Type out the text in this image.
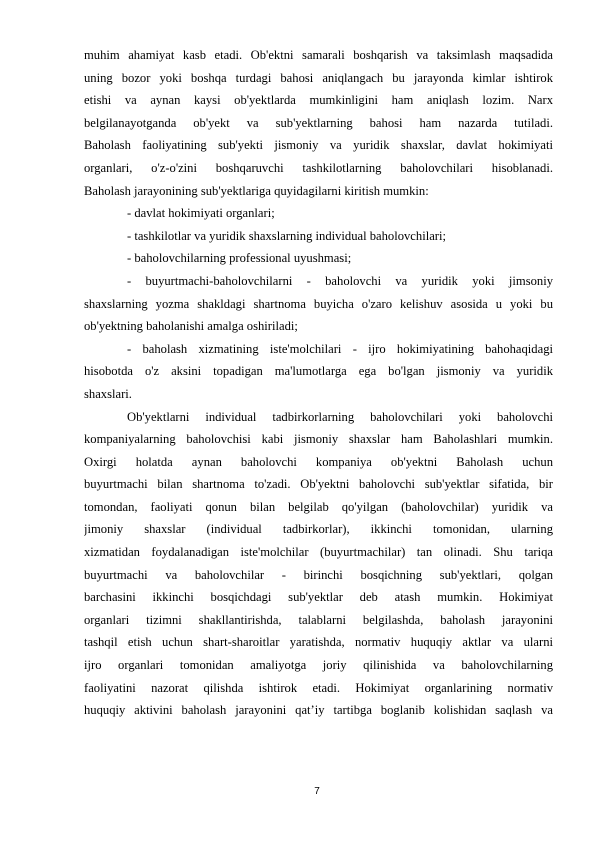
muhim ahamiyat kasb etadi. Ob'ektni samarali boshqarish va taksimlash maqsadida
uning bozor yoki boshqa turdagi bahosi aniqlangach bu jarayonda kimlar ishtirok
etishi va aynan kaysi ob'yektlarda mumkinligini ham aniqlash lozim. Narx
belgilanayotganda ob'yekt va sub'yektlarning bahosi ham nazarda tutiladi.
Baholash faoliyatining sub'yekti jismoniy va yuridik shaxslar, davlat hokimiyati
organlari, o'z-o'zini boshqaruvchi tashkilotlarning baholovchilari hisoblanadi.
Baholash jarayonining sub'yektlariga quyidagilarni kiritish mumkin:
- davlat hokimiyati organlari;
- tashkilotlar va yuridik shaxslarning individual baholovchilari;
- baholovchilarning professional uyushmasi;
- buyurtmachi-baholovchilarni - baholovchi va yuridik yoki jimsoniy
shaxslarning yozma shakldagi shartnoma buyicha o'zaro kelishuv asosida u yoki bu
ob'yektning baholanishi amalga oshiriladi;
- baholash xizmatining iste'molchilari - ijro hokimiyatining bahohaqidagi
hisobotda o'z aksini topadigan ma'lumotlarga ega bo'lgan jismoniy va yuridik
shaxslari.
Ob'yektlarni individual tadbirkorlarning baholovchilari yoki baholovchi
kompaniyalarning baholovchisi kabi jismoniy shaxslar ham Baholashlari mumkin.
Oxirgi holatda aynan baholovchi kompaniya ob'yektni Baholash uchun
buyurtmachi bilan shartnoma to'zadi. Ob'yektni baholovchi sub'yektlar sifatida, bir
tomondan, faoliyati qonun bilan belgilab qo'yilgan (baholovchilar) yuridik va
jimoniy shaxslar (individual tadbirkorlar), ikkinchi tomonidan, ularning
xizmatidan foydalanadigan iste'molchilar (buyurtmachilar) tan olinadi. Shu tariqa
buyurtmachi va baholovchilar - birinchi bosqichning sub'yektlari, qolgan
barchasini ikkinchi bosqichdagi sub'yektlar deb atash mumkin. Hokimiyat
organlari tizimni shakllantirishda, talablarni belgilashda, baholash jarayonini
tashqil etish uchun shart-sharoitlar yaratishda, normativ huquqiy aktlar va ularni
ijro organlari tomonidan amaliyotga joriy qilinishida va baholovchilarning
faoliyatini nazorat qilishda ishtirok etadi. Hokimiyat organlarining normativ
huquqiy aktivini baholash jarayonini qat’iy tartibga boglanib kolishidan saqlash va
7
